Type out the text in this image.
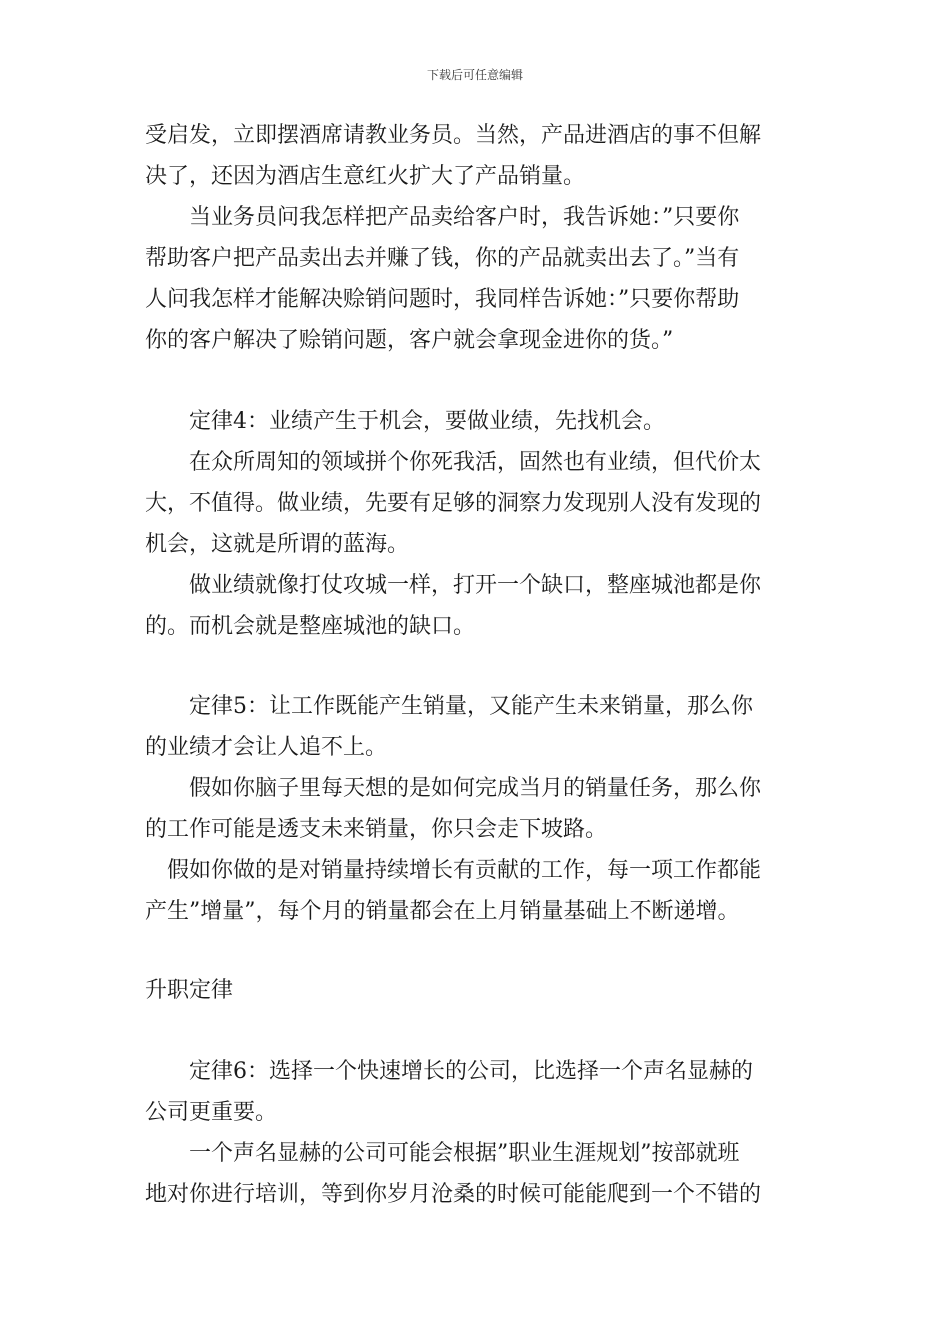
下载后可任意编辑
受启发，立即摆酒席请教业务员。当然，产品进酒店的事不但解
决了，还因为酒店生意红火扩大了产品销量。
　　当业务员问我怎样把产品卖给客户时，我告诉她：”只要你
帮助客户把产品卖出去并赚了钱，你的产品就卖出去了。”当有
人问我怎样才能解决赊销问题时，我同样告诉她：”只要你帮助
你的客户解决了赊销问题，客户就会拿现金进你的货。”
　　定律4：业绩产生于机会，要做业绩，先找机会。
　　在众所周知的领域拼个你死我活，固然也有业绩，但代价太
大，不值得。做业绩，先要有足够的洞察力发现别人没有发现的
机会，这就是所谓的蓝海。
　　做业绩就像打仗攻城一样，打开一个缺口，整座城池都是你
的。而机会就是整座城池的缺口。
　　定律5：让工作既能产生销量，又能产生未来销量，那么你
的业绩才会让人追不上。
　　假如你脑子里每天想的是如何完成当月的销量任务，那么你
的工作可能是透支未来销量，你只会走下坡路。
　假如你做的是对销量持续增长有贡献的工作，每一项工作都能
产生”增量”，每个月的销量都会在上月销量基础上不断递增。
升职定律
　　定律6：选择一个快速增长的公司，比选择一个声名显赫的
公司更重要。
　　一个声名显赫的公司可能会根据”职业生涯规划”按部就班
地对你进行培训，等到你岁月沧桑的时候可能能爬到一个不错的
